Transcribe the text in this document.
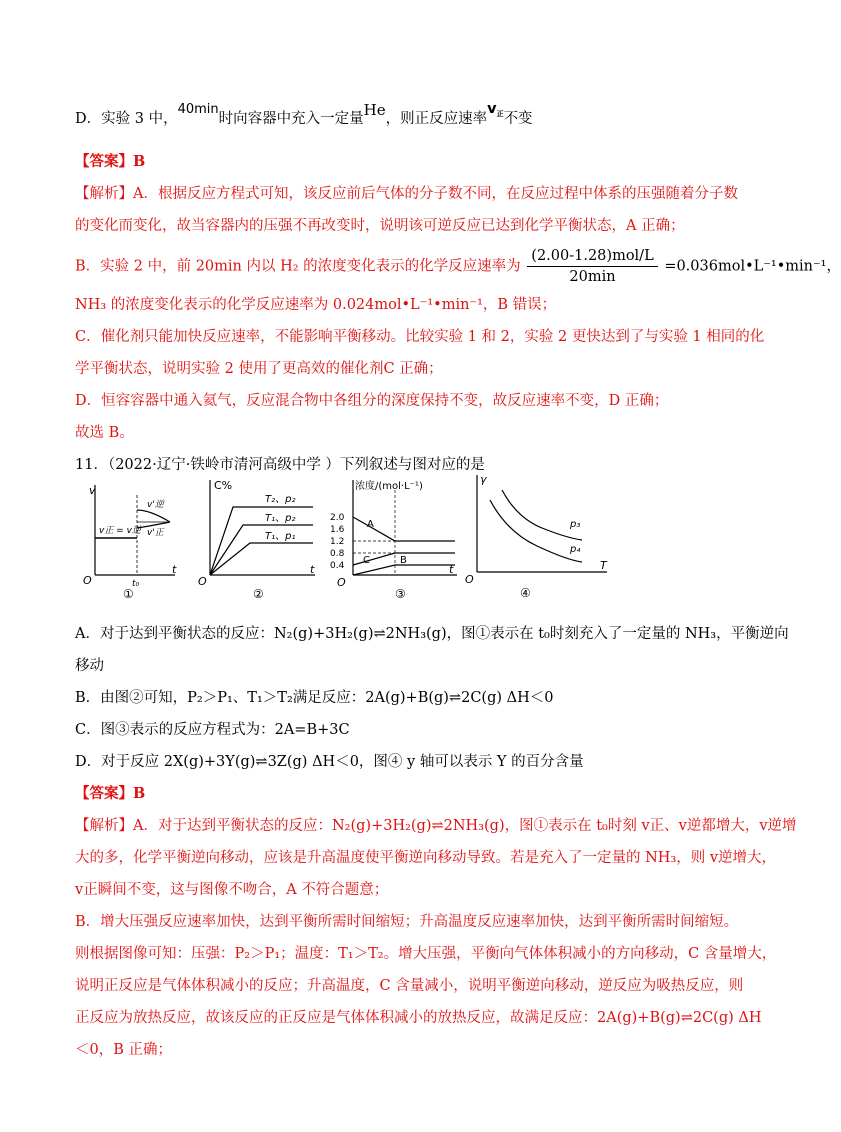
D．实验 3 中，40min时向容器中充入一定量He，则正反应速率$v_正$不变
【答案】B
【解析】A．根据反应方程式可知，该反应前后气体的分子数不同，在反应过程中体系的压强随着分子数
的变化而变化，故当容器内的压强不再改变时，说明该可逆反应已达到化学平衡状态，A 正确；
B．实验 2 中，前 20min 内以 H₂ 的浓度变化表示的化学反应速率为 $\frac{\text{(2.00-1.28)mol/L}}{20\min}$ =0.036mol•L⁻¹•min⁻¹，
NH₃ 的浓度变化表示的化学反应速率为 0.024mol•L⁻¹•min⁻¹，B 错误；
C．催化剂只能加快反应速率，不能影响平衡移动。比较实验 1 和 2，实验 2 更快达到了与实验 1 相同的化
学平衡状态，说明实验 2 使用了更高效的催化剂C 正确；
D．恒容容器中通入氦气，反应混合物中各组分的深度保持不变，故反应速率不变，D 正确；
故选 B。
11．（2022·辽宁·铁岭市清河高级中学 ）下列叙述与图对应的是
v
t
O
v正 = v逆
v'逆
v'正
t₀
①
C%
t
O
T₂、p₂
T₁、p₂
T₁、p₁
②
浓度/(mol·L⁻¹)
t
O
2.0
1.6
1.2
0.8
0.4
A
B
C
③
γ
T
O
p₃
p₄
④
A．对于达到平衡状态的反应：N₂(g)+3H₂(g)⇌2NH₃(g)，图①表示在 t₀时刻充入了一定量的 NH₃，平衡逆向
移动
B．由图②可知，P₂＞P₁、T₁＞T₂满足反应：2A(g)+B(g)⇌2C(g) ΔH＜0
C．图③表示的反应方程式为：2A=B+3C
D．对于反应 2X(g)+3Y(g)⇌3Z(g) ΔH＜0，图④ y 轴可以表示 Y 的百分含量
【答案】B
【解析】A．对于达到平衡状态的反应：N₂(g)+3H₂(g)⇌2NH₃(g)，图①表示在 t₀时刻 v正、v逆都增大，v逆增
大的多，化学平衡逆向移动，应该是升高温度使平衡逆向移动导致。若是充入了一定量的 NH₃，则 v逆增大，
v正瞬间不变，这与图像不吻合，A 不符合题意；
B．增大压强反应速率加快，达到平衡所需时间缩短；升高温度反应速率加快，达到平衡所需时间缩短。
则根据图像可知：压强：P₂＞P₁；温度：T₁＞T₂。增大压强，平衡向气体体积减小的方向移动，C 含量增大，
说明正反应是气体体积减小的反应；升高温度，C 含量减小，说明平衡逆向移动，逆反应为吸热反应，则
正反应为放热反应，故该反应的正反应是气体体积减小的放热反应，故满足反应：2A(g)+B(g)⇌2C(g) ΔH
＜0，B 正确；
